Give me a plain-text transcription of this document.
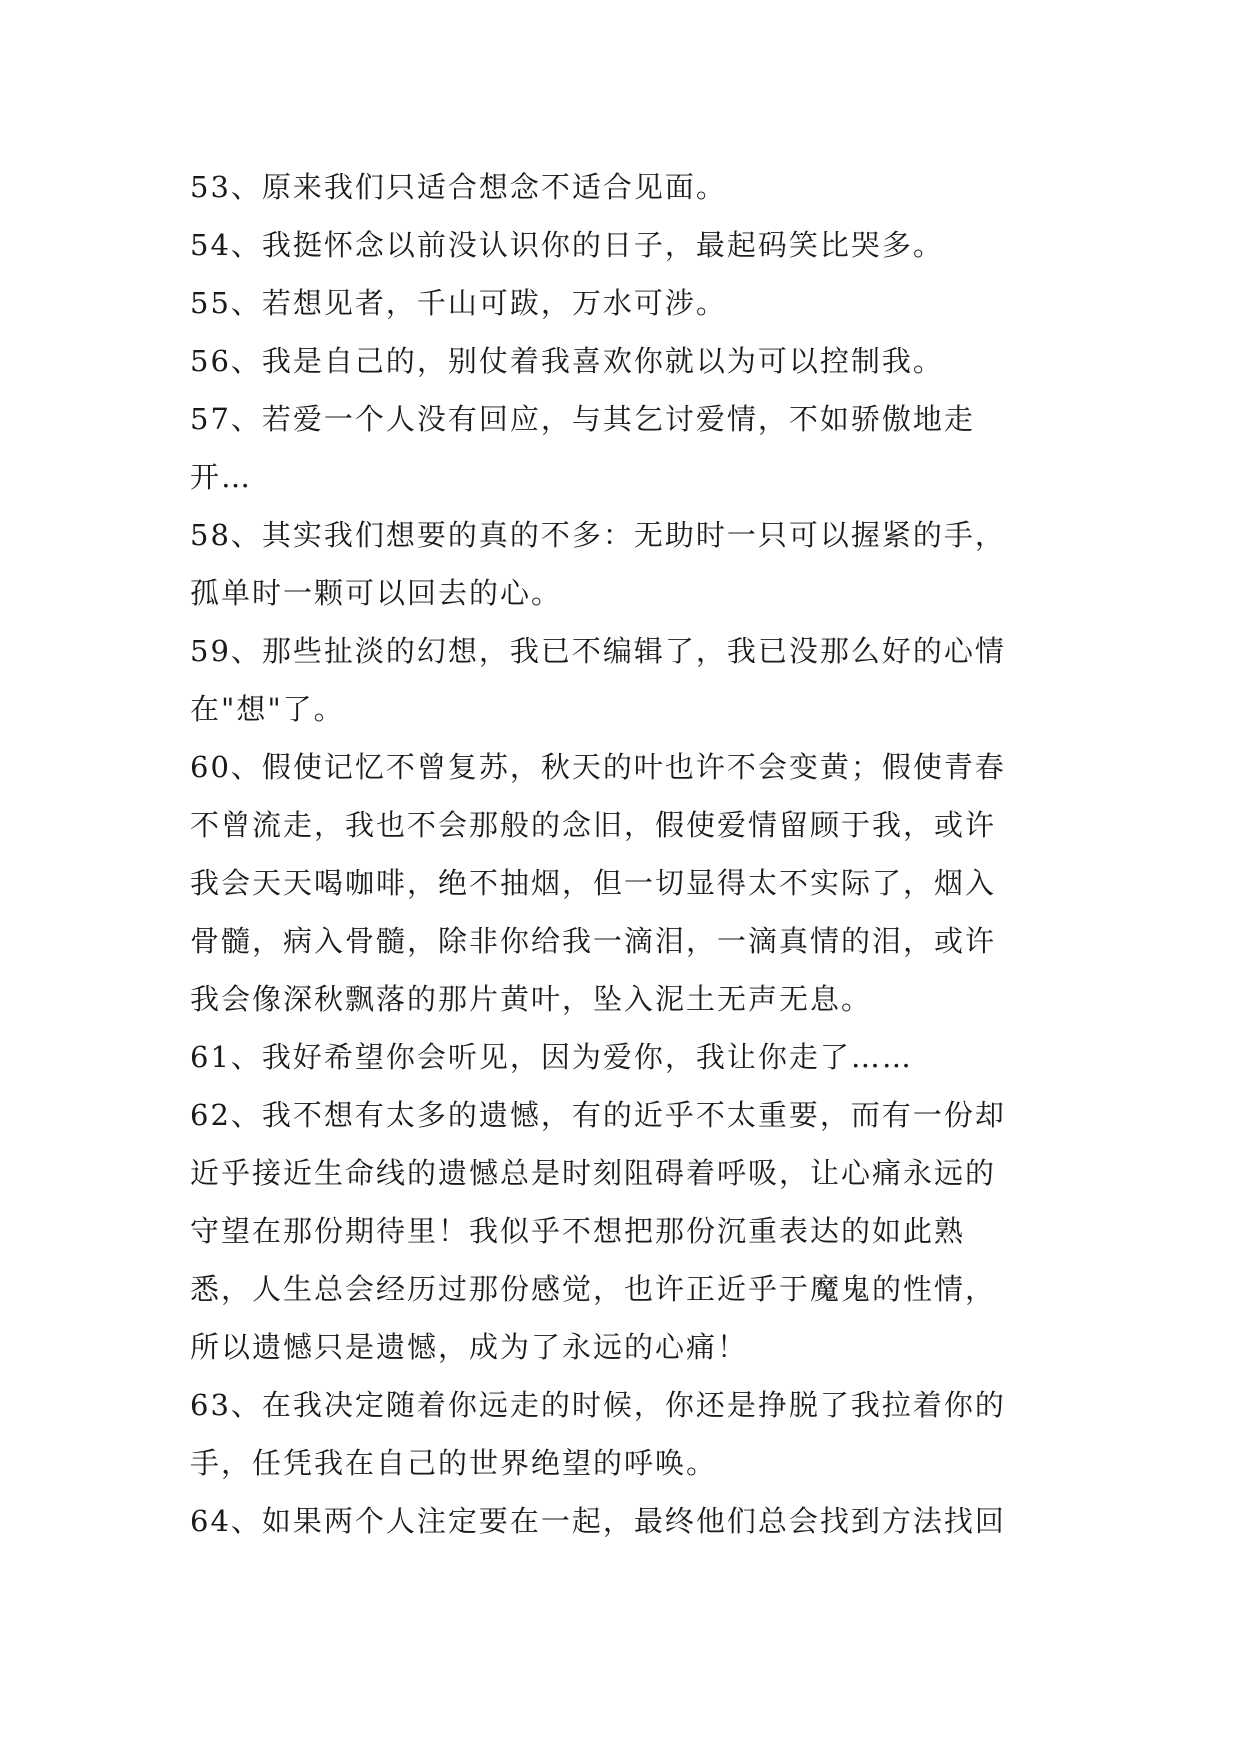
53、原来我们只适合想念不适合见面。
54、我挺怀念以前没认识你的日子，最起码笑比哭多。
55、若想见者，千山可跋，万水可涉。
56、我是自己的，别仗着我喜欢你就以为可以控制我。
57、若爱一个人没有回应，与其乞讨爱情，不如骄傲地走
开…
58、其实我们想要的真的不多：无助时一只可以握紧的手，
孤单时一颗可以回去的心。
59、那些扯淡的幻想，我已不编辑了，我已没那么好的心情
在"想"了。
60、假使记忆不曾复苏，秋天的叶也许不会变黄；假使青春
不曾流走，我也不会那般的念旧，假使爱情留顾于我，或许
我会天天喝咖啡，绝不抽烟，但一切显得太不实际了，烟入
骨髓，病入骨髓，除非你给我一滴泪，一滴真情的泪，或许
我会像深秋飘落的那片黄叶，坠入泥土无声无息。
61、我好希望你会听见，因为爱你，我让你走了……
62、我不想有太多的遗憾，有的近乎不太重要，而有一份却
近乎接近生命线的遗憾总是时刻阻碍着呼吸，让心痛永远的
守望在那份期待里！我似乎不想把那份沉重表达的如此熟
悉，人生总会经历过那份感觉，也许正近乎于魔鬼的性情，
所以遗憾只是遗憾，成为了永远的心痛！
63、在我决定随着你远走的时候，你还是挣脱了我拉着你的
手，任凭我在自己的世界绝望的呼唤。
64、如果两个人注定要在一起，最终他们总会找到方法找回
